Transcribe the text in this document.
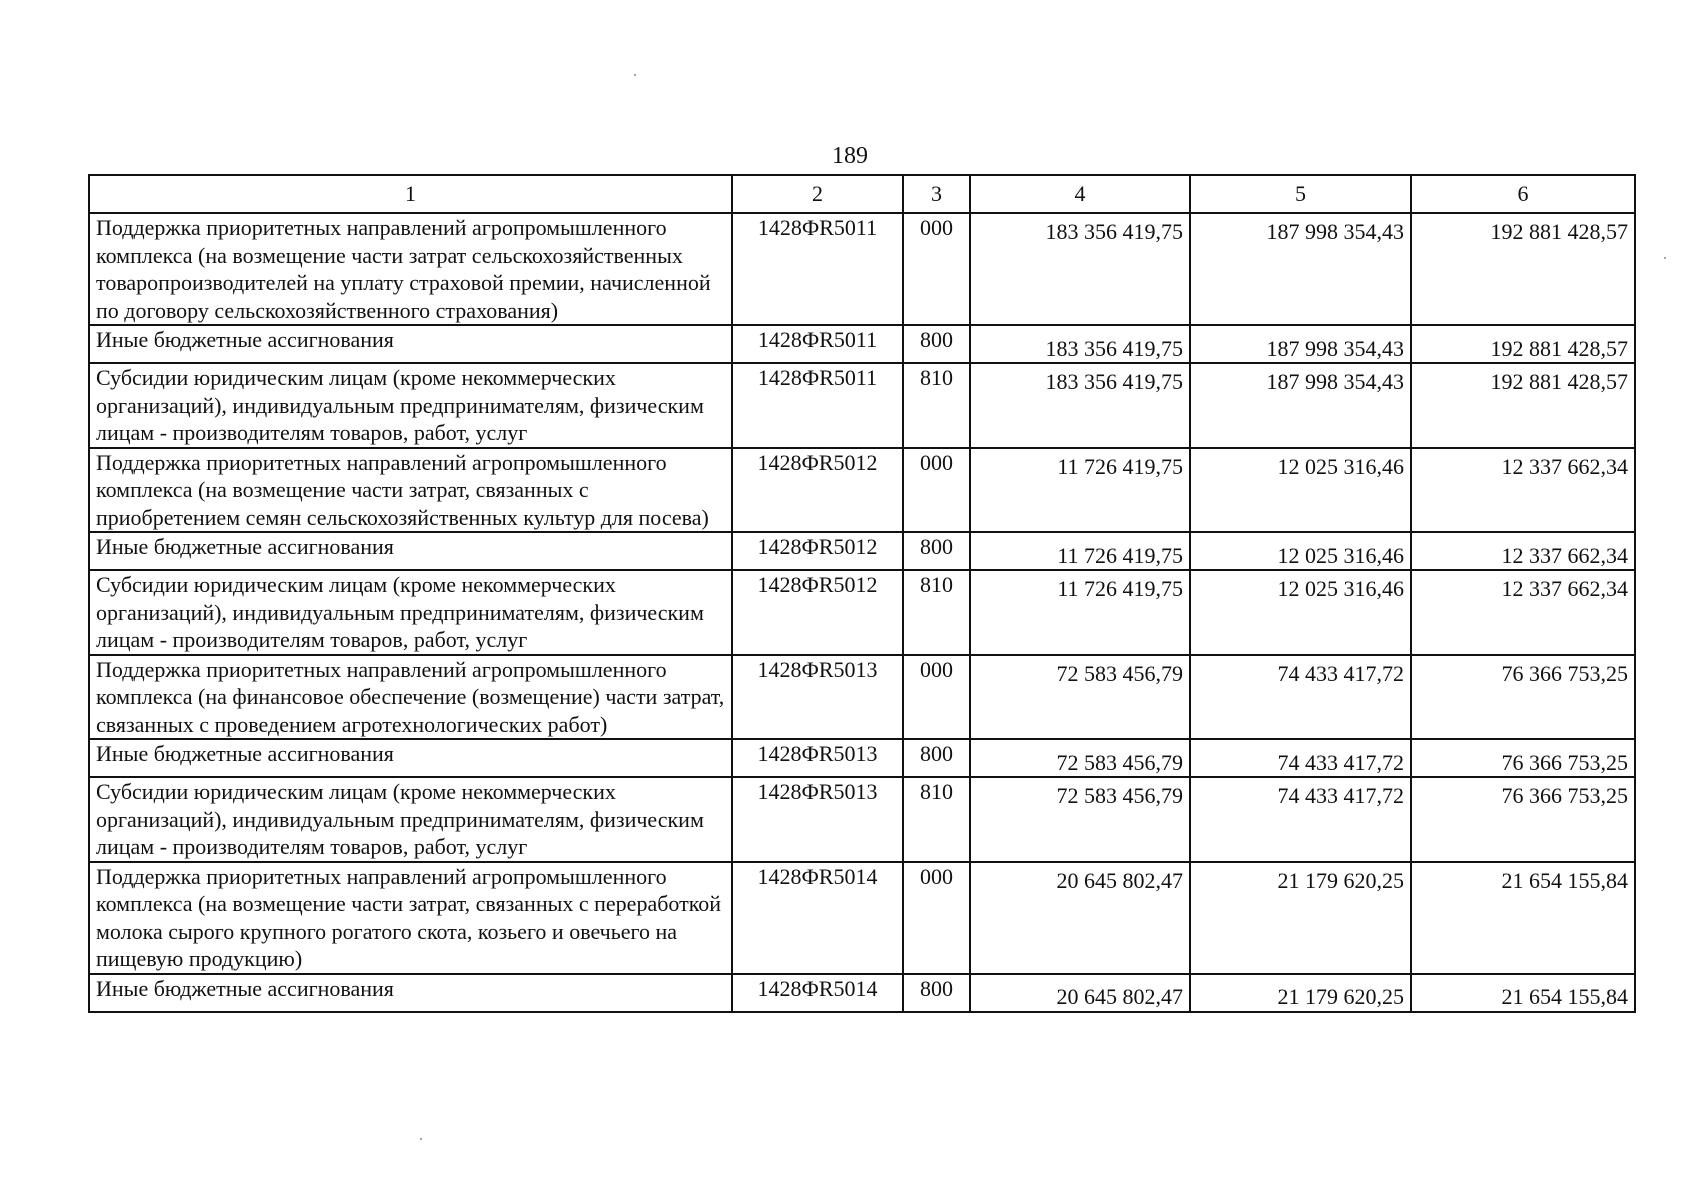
189
1	2	3	4	5	6
Поддержка приоритетных направлений агропромышленного комплекса (на возмещение части затрат сельскохозяйственных товаропроизводителей на уплату страховой премии, начисленной по договору сельскохозяйственного страхования)	1428ФR5011	000	183 356 419,75	187 998 354,43	192 881 428,57

Иные бюджетные ассигнования	1428ФR5011	800	183 356 419,75	187 998 354,43	192 881 428,57

Субсидии юридическим лицам (кроме некоммерческих организаций), индивидуальным предпринимателям, физическим лицам - производителям товаров, работ, услуг	1428ФR5011	810	183 356 419,75	187 998 354,43	192 881 428,57

Поддержка приоритетных направлений агропромышленного комплекса (на возмещение части затрат, связанных с приобретением семян сельскохозяйственных культур для посева)	1428ФR5012	000	11 726 419,75	12 025 316,46	12 337 662,34

Иные бюджетные ассигнования	1428ФR5012	800	11 726 419,75	12 025 316,46	12 337 662,34

Субсидии юридическим лицам (кроме некоммерческих организаций), индивидуальным предпринимателям, физическим лицам - производителям товаров, работ, услуг	1428ФR5012	810	11 726 419,75	12 025 316,46	12 337 662,34

Поддержка приоритетных направлений агропромышленного комплекса (на финансовое обеспечение (возмещение) части затрат, связанных с проведением агротехнологических работ)	1428ФR5013	000	72 583 456,79	74 433 417,72	76 366 753,25

Иные бюджетные ассигнования	1428ФR5013	800	72 583 456,79	74 433 417,72	76 366 753,25

Субсидии юридическим лицам (кроме некоммерческих организаций), индивидуальным предпринимателям, физическим лицам - производителям товаров, работ, услуг	1428ФR5013	810	72 583 456,79	74 433 417,72	76 366 753,25

Поддержка приоритетных направлений агропромышленного комплекса (на возмещение части затрат, связанных с переработкой молока сырого крупного рогатого скота, козьего и овечьего на пищевую продукцию)	1428ФR5014	000	20 645 802,47	21 179 620,25	21 654 155,84

Иные бюджетные ассигнования	1428ФR5014	800	20 645 802,47	21 179 620,25	21 654 155,84
